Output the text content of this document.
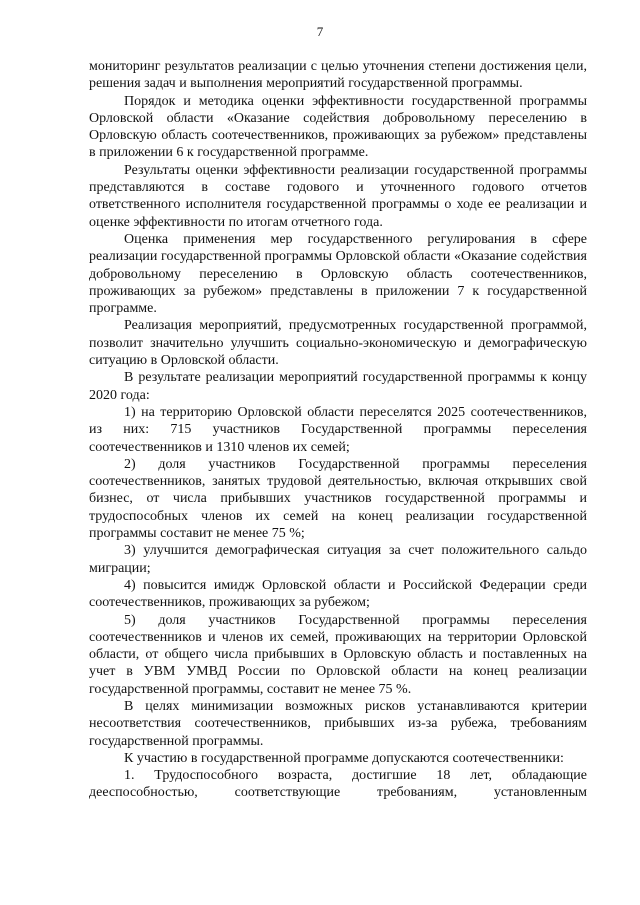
7

мониторинг результатов реализации с целью уточнения степени достижения цели, решения задач и выполнения мероприятий государственной программы.

Порядок и методика оценки эффективности государственной программы Орловской области «Оказание содействия добровольному переселению в Орловскую область соотечественников, проживающих за рубежом» представлены в приложении 6 к государственной программе.

Результаты оценки эффективности реализации государственной программы представляются в составе годового и уточненного годового отчетов ответственного исполнителя государственной программы о ходе ее реализации и оценке эффективности по итогам отчетного года.

Оценка применения мер государственного регулирования в сфере реализации государственной программы Орловской области «Оказание содействия добровольному переселению в Орловскую область соотечественников, проживающих за рубежом» представлены в приложении 7 к государственной программе.

Реализация мероприятий, предусмотренных государственной программой, позволит значительно улучшить социально-экономическую и демографическую ситуацию в Орловской области.

В результате реализации мероприятий государственной программы к концу 2020 года:

1) на территорию Орловской области переселятся 2025 соотечественников, из них: 715 участников Государственной программы переселения соотечественников и 1310 членов их семей;

2) доля участников Государственной программы переселения соотечественников, занятых трудовой деятельностью, включая открывших свой бизнес, от числа прибывших участников государственной программы и трудоспособных членов их семей на конец реализации государственной программы составит не менее 75 %;

3) улучшится демографическая ситуация за счет положительного сальдо миграции;

4) повысится имидж Орловской области и Российской Федерации среди соотечественников, проживающих за рубежом;

5) доля участников Государственной программы переселения соотечественников и членов их семей, проживающих на территории Орловской области, от общего числа прибывших в Орловскую область и поставленных на учет в УВМ УМВД России по Орловской области на конец реализации государственной программы, составит не менее 75 %.

В целях минимизации возможных рисков устанавливаются критерии несоответствия соотечественников, прибывших из-за рубежа, требованиям государственной программы.

К участию в государственной программе допускаются соотечественники:

1. Трудоспособного возраста, достигшие 18 лет, обладающие дееспособностью, соответствующие требованиям, установленным
